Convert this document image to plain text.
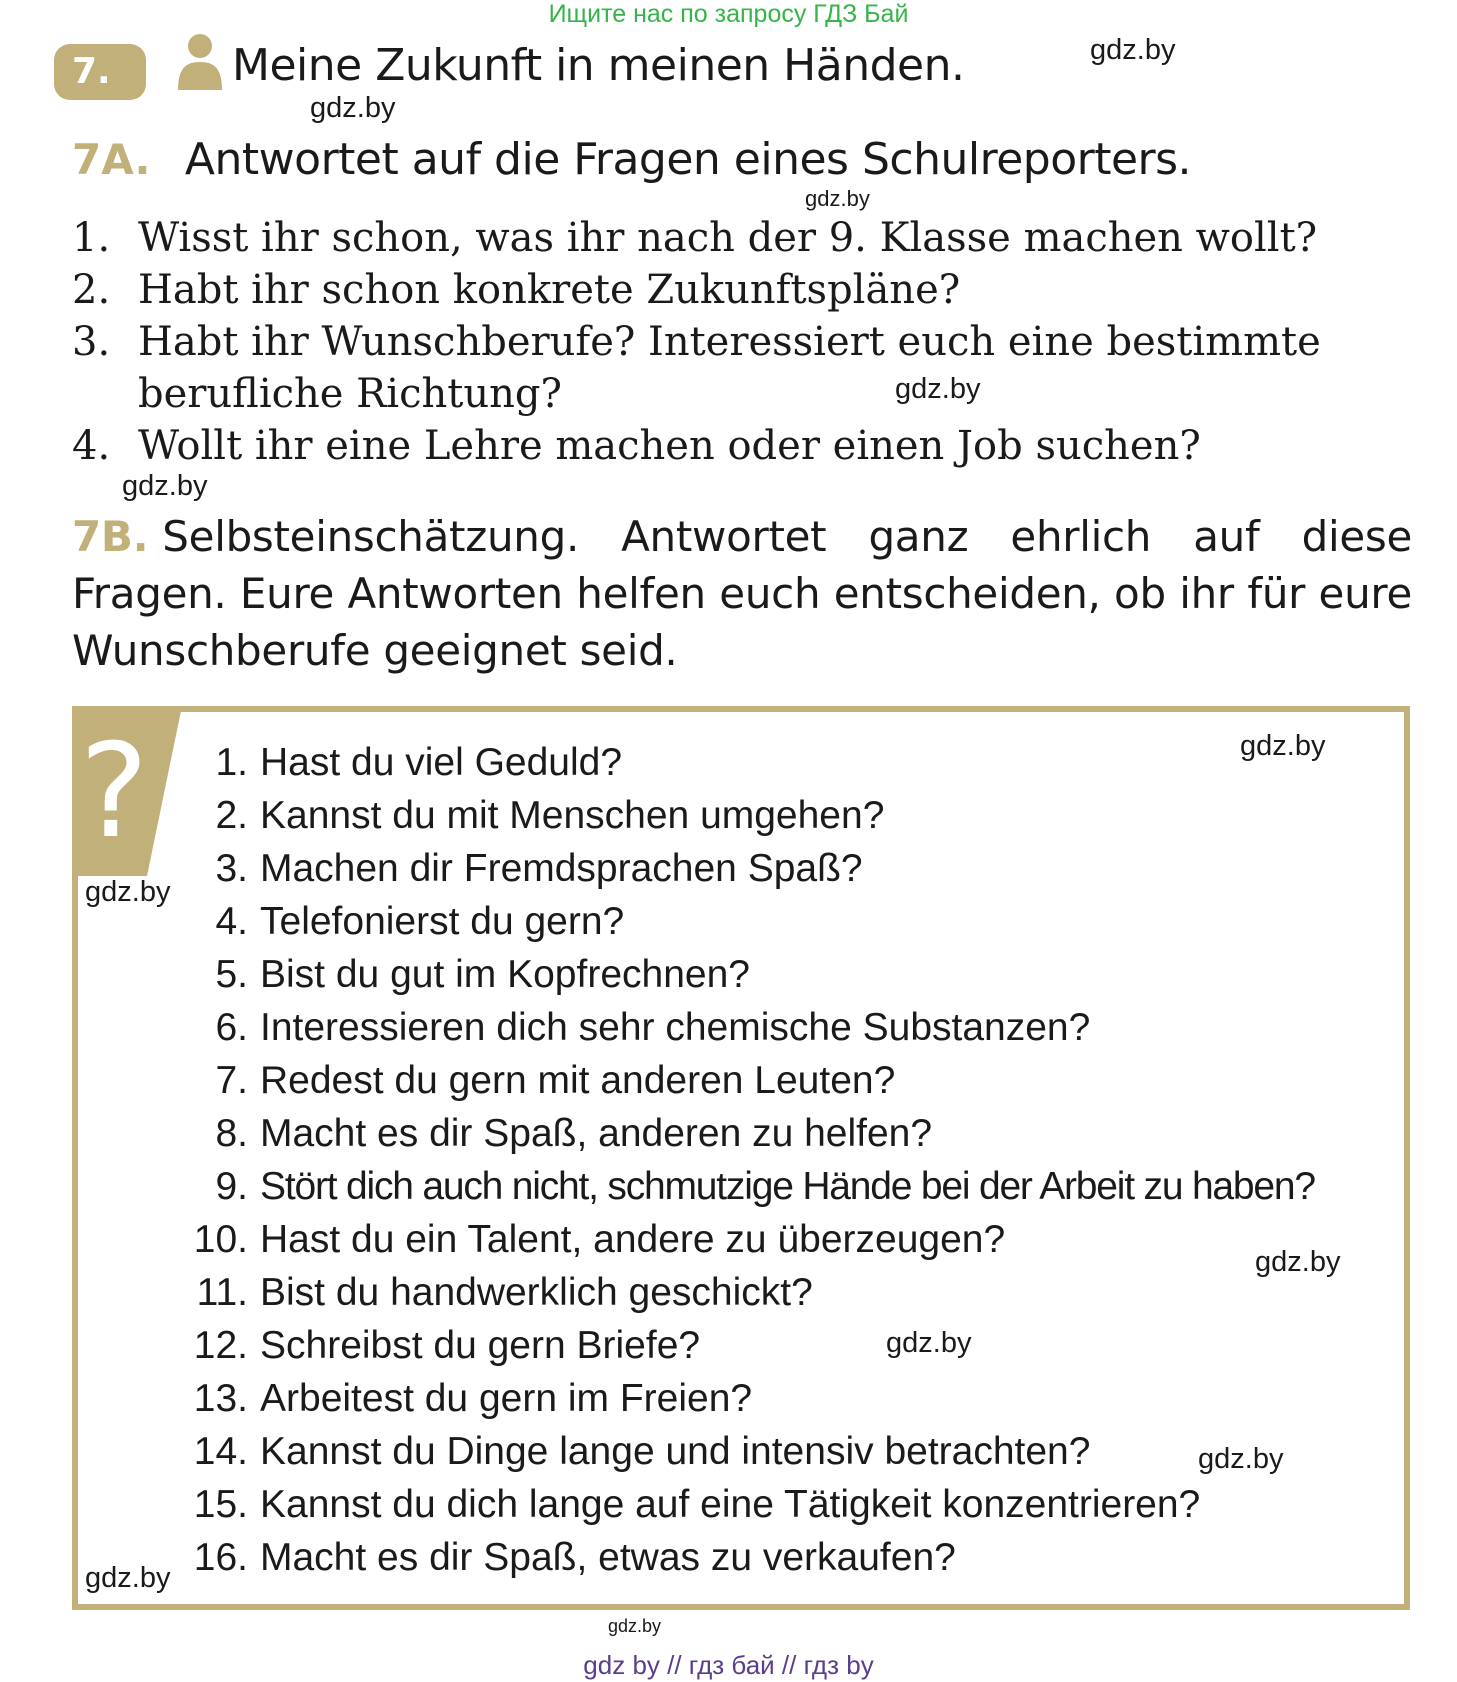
Ищите нас по запросу ГДЗ Бай
7.	Meine Zukunft in meinen Händen.	gdz.by
gdz.by
7A. Antwortet auf die Fragen eines Schulreporters.
gdz.by
1. Wisst ihr schon, was ihr nach der 9. Klasse machen wollt?
2. Habt ihr schon konkrete Zukunftspläne?
3. Habt ihr Wunschberufe? Interessiert euch eine bestimmte
berufliche Richtung?	gdz.by
4. Wollt ihr eine Lehre machen oder einen Job suchen?
gdz.by
7B. Selbsteinschätzung. Antwortet ganz ehrlich auf diese Fragen. Eure Antworten helfen euch entscheiden, ob ihr für eure Wunschberufe geeignet seid.
?
gdz.by
gdz.by
gdz.by
gdz.by
gdz.by
gdz.by
1. Hast du viel Geduld?
2. Kannst du mit Menschen umgehen?
3. Machen dir Fremdsprachen Spaß?
4. Telefonierst du gern?
5. Bist du gut im Kopfrechnen?
6. Interessieren dich sehr chemische Substanzen?
7. Redest du gern mit anderen Leuten?
8. Macht es dir Spaß, anderen zu helfen?
9. Stört dich auch nicht, schmutzige Hände bei der Arbeit zu haben?
10. Hast du ein Talent, andere zu überzeugen?
11. Bist du handwerklich geschickt?
12. Schreibst du gern Briefe?
13. Arbeitest du gern im Freien?
14. Kannst du Dinge lange und intensiv betrachten?
15. Kannst du dich lange auf eine Tätigkeit konzentrieren?
16. Macht es dir Spaß, etwas zu verkaufen?
gdz.by
gdz by // гдз бай // гдз by
